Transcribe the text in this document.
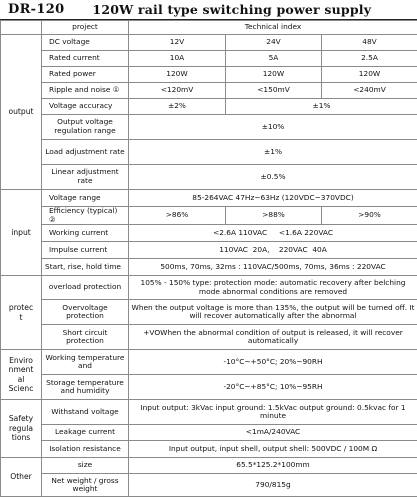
DR-120 120W rail type switching power supply
	project	Technical index		
output	DC voltage	12V	24V	48V
	Rated current	10A	5A	2.5A
	Rated power	120W	120W	120W
	Ripple and noise ①	<120mV	<150mV	<240mV
	Voltage accuracy	±2%	±1%	
	Output voltage regulation range	±10%		
	Load adjustment rate	±1%		
	Linear adjustment rate	±0.5%		
input	Voltage range	85-264VAC 47Hz~63Hz (120VDC~370VDC)		
	Efficiency (typical) ②	>86%	>88%	>90%
	Working current	<2.6A 110VAC     <1.6A 220VAC		
	Impulse current	110VAC  20A,    220VAC  40A		
	Start, rise, hold time	500ms, 70ms, 32ms : 110VAC/500ms, 70ms, 36ms : 220VAC		
protec
t	overload protection	105% - 150% type: protection mode: automatic recovery after belching mode abnormal conditions are removed		
	Overvoltage protection	When the output voltage is more than 135%, the output will be turned off. It will recover automatically after the abnormal		
	Short circuit protection	+VOWhen the abnormal condition of output is released, it will recover automatically		
Enviro
nment
al
Scienc	Working temperature and	-10°C~+50°C; 20%~90RH		
	Storage temperature and humidity	-20°C~+85°C; 10%~95RH		
Safety
regula
tions	Withstand voltage	Input output: 3kVac input ground: 1.5kVac output ground: 0.5kvac for 1 minute		
	Leakage current	<1mA/240VAC		
	Isolation resistance	Input output, input shell, output shell: 500VDC / 100M Ω		
Other	size	65.5*125.2*100mm		
	Net weight / gross weight	790/815g		
